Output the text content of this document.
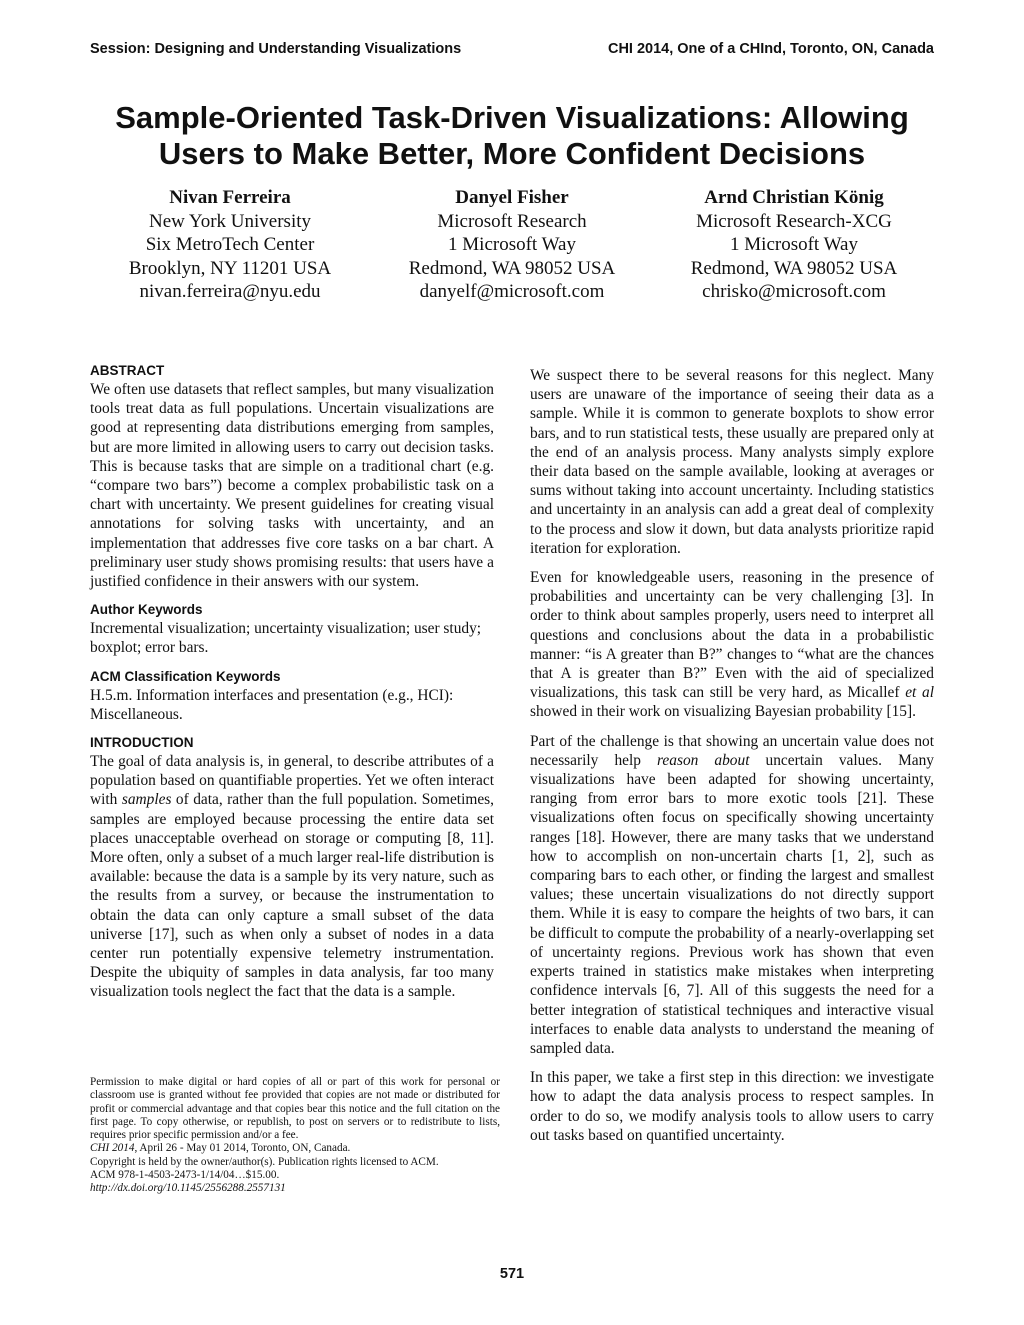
Session: Designing and Understanding Visualizations	CHI 2014, One of a CHInd, Toronto, ON, Canada
Sample-Oriented Task-Driven Visualizations: Allowing
Users to Make Better, More Confident Decisions
Nivan Ferreira
New York University
Six MetroTech Center
Brooklyn, NY 11201 USA
nivan.ferreira@nyu.edu
Danyel Fisher
Microsoft Research
1 Microsoft Way
Redmond, WA 98052 USA
danyelf@microsoft.com
Arnd Christian König
Microsoft Research-XCG
1 Microsoft Way
Redmond, WA 98052 USA
chrisko@microsoft.com
ABSTRACT

We often use datasets that reflect samples, but many visualization tools treat data as full populations. Uncertain visualizations are good at representing data distributions emerging from samples, but are more limited in allowing users to carry out decision tasks. This is because tasks that are simple on a traditional chart (e.g. “compare two bars”) become a complex probabilistic task on a chart with uncertainty. We present guidelines for creating visual annotations for solving tasks with uncertainty, and an implementation that addresses five core tasks on a bar chart. A preliminary user study shows promising results: that users have a justified confidence in their answers with our system.

Author Keywords

Incremental visualization; uncertainty visualization; user study; boxplot; error bars.

ACM Classification Keywords

H.5.m. Information interfaces and presentation (e.g., HCI): Miscellaneous.

INTRODUCTION

The goal of data analysis is, in general, to describe attributes of a population based on quantifiable properties. Yet we often interact with samples of data, rather than the full population. Sometimes, samples are employed because processing the entire data set places unacceptable overhead on storage or computing [8, 11]. More often, only a subset of a much larger real-life distribution is available: because the data is a sample by its very nature, such as the results from a survey, or because the instrumentation to obtain the data can only capture a small subset of the data universe [17], such as when only a subset of nodes in a data center run potentially expensive telemetry instrumentation. Despite the ubiquity of samples in data analysis, far too many visualization tools neglect the fact that the data is a sample.

Permission to make digital or hard copies of all or part of this work for personal or classroom use is granted without fee provided that copies are not made or distributed for profit or commercial advantage and that copies bear this notice and the full citation on the first page. To copy otherwise, or republish, to post on servers or to redistribute to lists, requires prior specific permission and/or a fee.

CHI 2014, April 26 - May 01 2014, Toronto, ON, Canada.

Copyright is held by the owner/author(s). Publication rights licensed to ACM.

ACM 978-1-4503-2473-1/14/04…$15.00.

http://dx.doi.org/10.1145/2556288.2557131

We suspect there to be several reasons for this neglect. Many users are unaware of the importance of seeing their data as a sample. While it is common to generate boxplots to show error bars, and to run statistical tests, these usually are prepared only at the end of an analysis process. Many analysts simply explore their data based on the sample available, looking at averages or sums without taking into account uncertainty. Including statistics and uncertainty in an analysis can add a great deal of complexity to the process and slow it down, but data analysts prioritize rapid iteration for exploration.

Even for knowledgeable users, reasoning in the presence of probabilities and uncertainty can be very challenging [3]. In order to think about samples properly, users need to interpret all questions and conclusions about the data in a probabilistic manner: “is A greater than B?” changes to “what are the chances that A is greater than B?” Even with the aid of specialized visualizations, this task can still be very hard, as Micallef et al showed in their work on visualizing Bayesian probability [15].

Part of the challenge is that showing an uncertain value does not necessarily help reason about uncertain values. Many visualizations have been adapted for showing uncertainty, ranging from error bars to more exotic tools [21]. These visualizations often focus on specifically showing uncertainty ranges [18]. However, there are many tasks that we understand how to accomplish on non-uncertain charts [1, 2], such as comparing bars to each other, or finding the largest and smallest values; these uncertain visualizations do not directly support them. While it is easy to compare the heights of two bars, it can be difficult to compute the probability of a nearly-overlapping set of uncertainty regions. Previous work has shown that even experts trained in statistics make mistakes when interpreting confidence intervals [6, 7]. All of this suggests the need for a better integration of statistical techniques and interactive visual interfaces to enable data analysts to understand the meaning of sampled data.

In this paper, we take a first step in this direction: we investigate how to adapt the data analysis process to respect samples. In order to do so, we modify analysis tools to allow users to carry out tasks based on quantified uncertainty.

571
